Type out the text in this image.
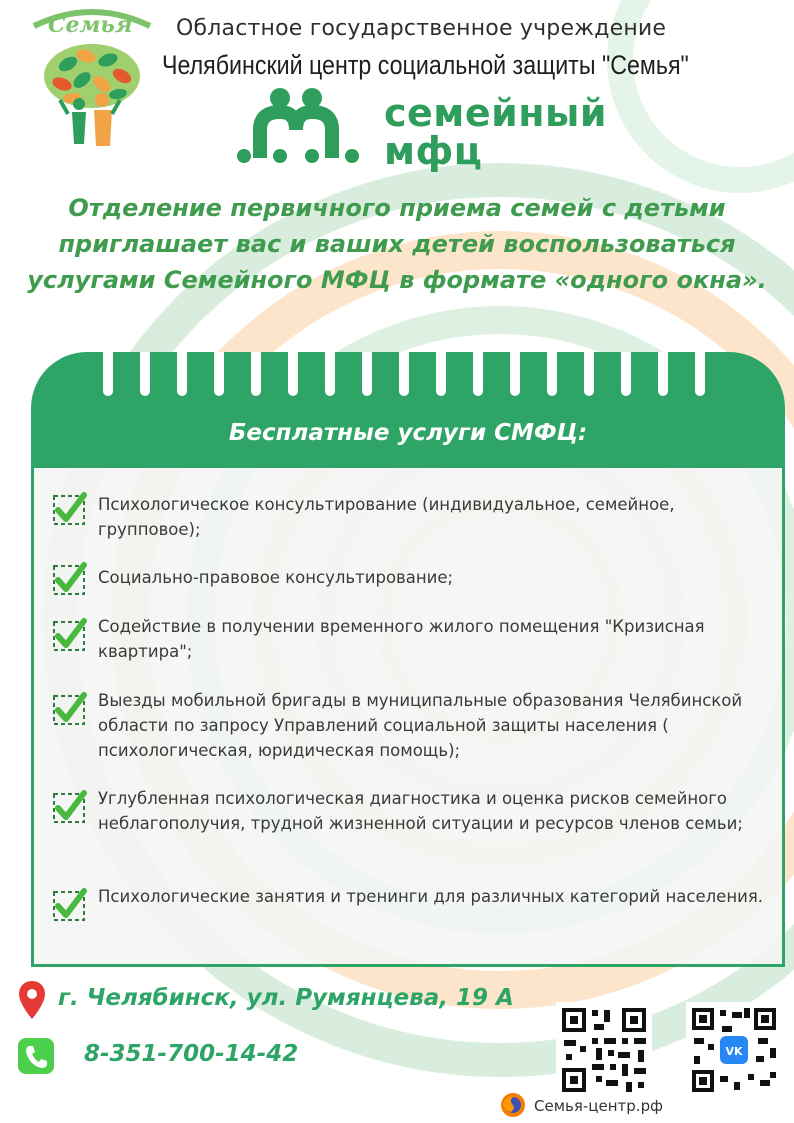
Семья Областное государственное учреждение
Челябинский центр социальной защиты "Семья"
семейный
мфц
Отделение первичного приема семей с детьми приглашает вас и ваших детей воспользоваться услугами Семейного МФЦ в формате «одного окна».
Бесплатные услуги СМФЦ:
Психологическое консультирование (индивидуальное, семейное, групповое);
Социально-правовое консультирование;
Содействие в получении временного жилого помещения "Кризисная квартира";
Выезды мобильной бригады в муниципальные образования Челябинской области по запросу Управлений социальной защиты населения ( психологическая, юридическая помощь);
Углубленная психологическая диагностика и оценка рисков семейного неблагополучия, трудной жизненной ситуации и ресурсов членов семьи;
Психологические занятия и тренинги для различных категорий населения.
г. Челябинск, ул. Румянцева, 19 А
8-351-700-14-42	VK
Семья-центр.рф
